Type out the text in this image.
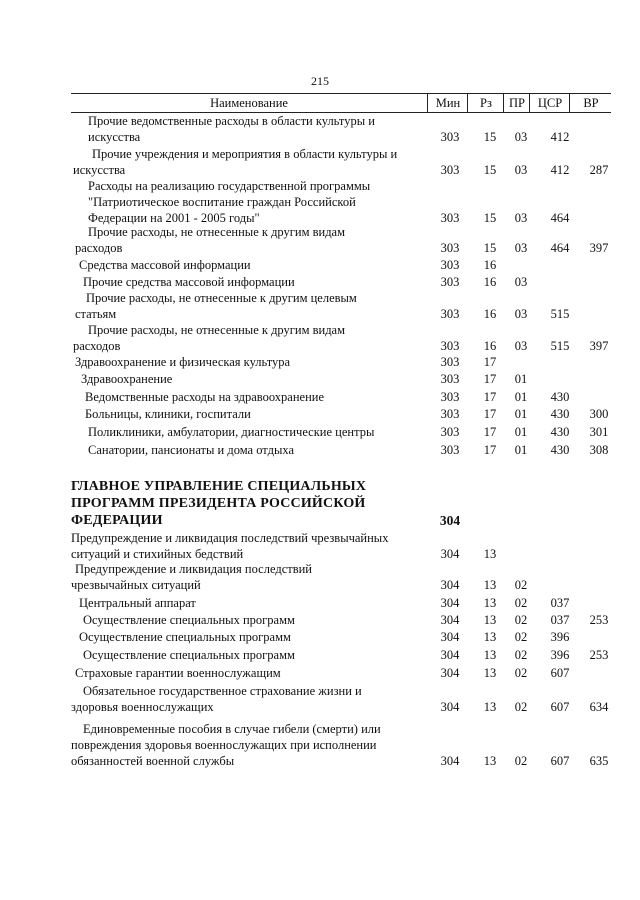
215
Наименование	Мин	Рз	ПР	ЦСР	ВР
Прочие ведомственные расходы в области культуры и
искусства	303	15	03	412
Прочие учреждения и мероприятия в области культуры и
искусства	303	15	03	412	287
Расходы на реализацию государственной программы
"Патриотическое воспитание граждан Российской
Федерации на 2001 - 2005 годы"	303	15	03	464
Прочие расходы, не отнесенные к другим видам
расходов	303	15	03	464	397
Средства массовой информации	303	16
Прочие средства массовой информации	303	16	03
Прочие расходы, не отнесенные к другим целевым
статьям	303	16	03	515
Прочие расходы, не отнесенные к другим видам
расходов	303	16	03	515	397
Здравоохранение и физическая культура	303	17
Здравоохранение	303	17	01
Ведомственные расходы на здравоохранение	303	17	01	430
Больницы, клиники, госпитали	303	17	01	430	300
Поликлиники, амбулатории, диагностические центры	303	17	01	430	301
Санатории, пансионаты и дома отдыха	303	17	01	430	308
ГЛАВНОЕ УПРАВЛЕНИЕ СПЕЦИАЛЬНЫХ
ПРОГРАММ ПРЕЗИДЕНТА РОССИЙСКОЙ
ФЕДЕРАЦИИ	304
Предупреждение и ликвидация последствий чрезвычайных
ситуаций и стихийных бедствий	304	13
Предупреждение и ликвидация последствий
чрезвычайных ситуаций	304	13	02
Центральный аппарат	304	13	02	037
Осуществление специальных программ	304	13	02	037	253
Осуществление специальных программ	304	13	02	396
Осуществление специальных программ	304	13	02	396	253
Страховые гарантии военнослужащим	304	13	02	607
Обязательное государственное страхование жизни и
здоровья военнослужащих	304	13	02	607	634
Единовременные пособия в случае гибели (смерти) или
повреждения здоровья военнослужащих при исполнении
обязанностей военной службы	304	13	02	607	635
